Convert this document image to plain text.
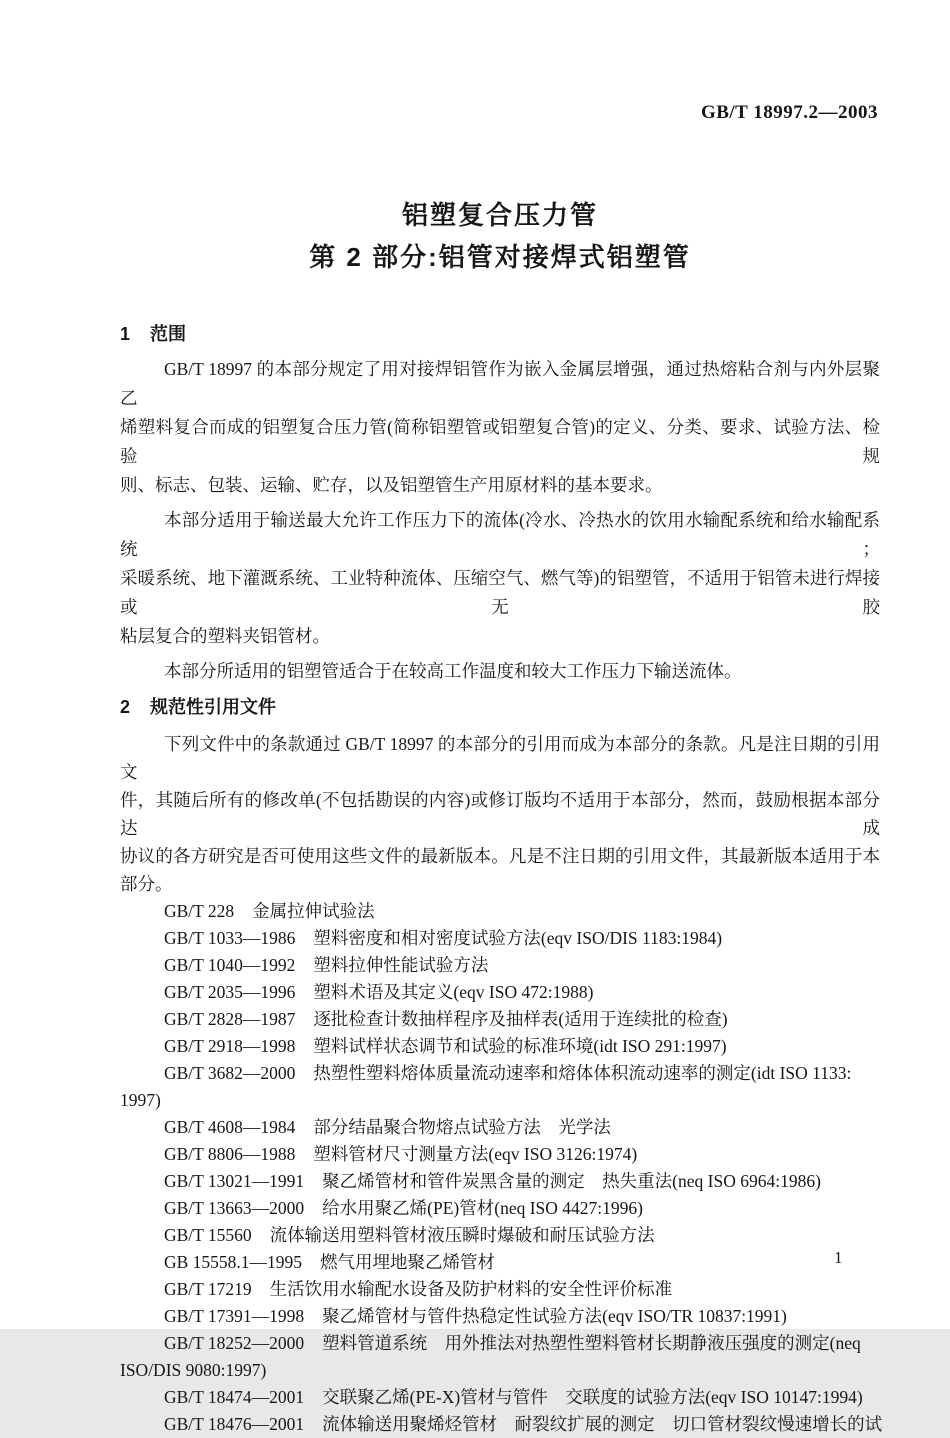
GB/T 18997.2—2003
铝塑复合压力管
第 2 部分:铝管对接焊式铝塑管
1 范围
GB/T 18997 的本部分规定了用对接焊铝管作为嵌入金属层增强，通过热熔粘合剂与内外层聚乙
烯塑料复合而成的铝塑复合压力管(简称铝塑管或铝塑复合管)的定义、分类、要求、试验方法、检验规
则、标志、包装、运输、贮存，以及铝塑管生产用原材料的基本要求。
本部分适用于输送最大允许工作压力下的流体(冷水、冷热水的饮用水输配系统和给水输配系统；
采暖系统、地下灌溉系统、工业特种流体、压缩空气、燃气等)的铝塑管，不适用于铝管未进行焊接或无胶
粘层复合的塑料夹铝管材。
本部分所适用的铝塑管适合于在较高工作温度和较大工作压力下输送流体。
2 规范性引用文件
下列文件中的条款通过 GB/T 18997 的本部分的引用而成为本部分的条款。凡是注日期的引用文
件，其随后所有的修改单(不包括勘误的内容)或修订版均不适用于本部分，然而，鼓励根据本部分达成
协议的各方研究是否可使用这些文件的最新版本。凡是不注日期的引用文件，其最新版本适用于本
部分。
GB/T 228 金属拉伸试验法
GB/T 1033—1986 塑料密度和相对密度试验方法(eqv ISO/DIS 1183:1984)
GB/T 1040—1992 塑料拉伸性能试验方法
GB/T 2035—1996 塑料术语及其定义(eqv ISO 472:1988)
GB/T 2828—1987 逐批检查计数抽样程序及抽样表(适用于连续批的检查)
GB/T 2918—1998 塑料试样状态调节和试验的标准环境(idt ISO 291:1997)
GB/T 3682—2000 热塑性塑料熔体质量流动速率和熔体体积流动速率的测定(idt ISO 1133:
1997)
GB/T 4608—1984 部分结晶聚合物熔点试验方法　光学法
GB/T 8806—1988 塑料管材尺寸测量方法(eqv ISO 3126:1974)
GB/T 13021—1991 聚乙烯管材和管件炭黑含量的测定　热失重法(neq ISO 6964:1986)
GB/T 13663—2000 给水用聚乙烯(PE)管材(neq ISO 4427:1996)
GB/T 15560 流体输送用塑料管材液压瞬时爆破和耐压试验方法
GB 15558.1—1995 燃气用埋地聚乙烯管材
GB/T 17219 生活饮用水输配水设备及防护材料的安全性评价标准
GB/T 17391—1998 聚乙烯管材与管件热稳定性试验方法(eqv ISO/TR 10837:1991)
GB/T 18252—2000 塑料管道系统　用外推法对热塑性塑料管材长期静液压强度的测定(neq
ISO/DIS 9080:1997)
GB/T 18474—2001 交联聚乙烯(PE-X)管材与管件　交联度的试验方法(eqv ISO 10147:1994)
GB/T 18476—2001 流体输送用聚烯烃管材　耐裂纹扩展的测定　切口管材裂纹慢速增长的试
1
